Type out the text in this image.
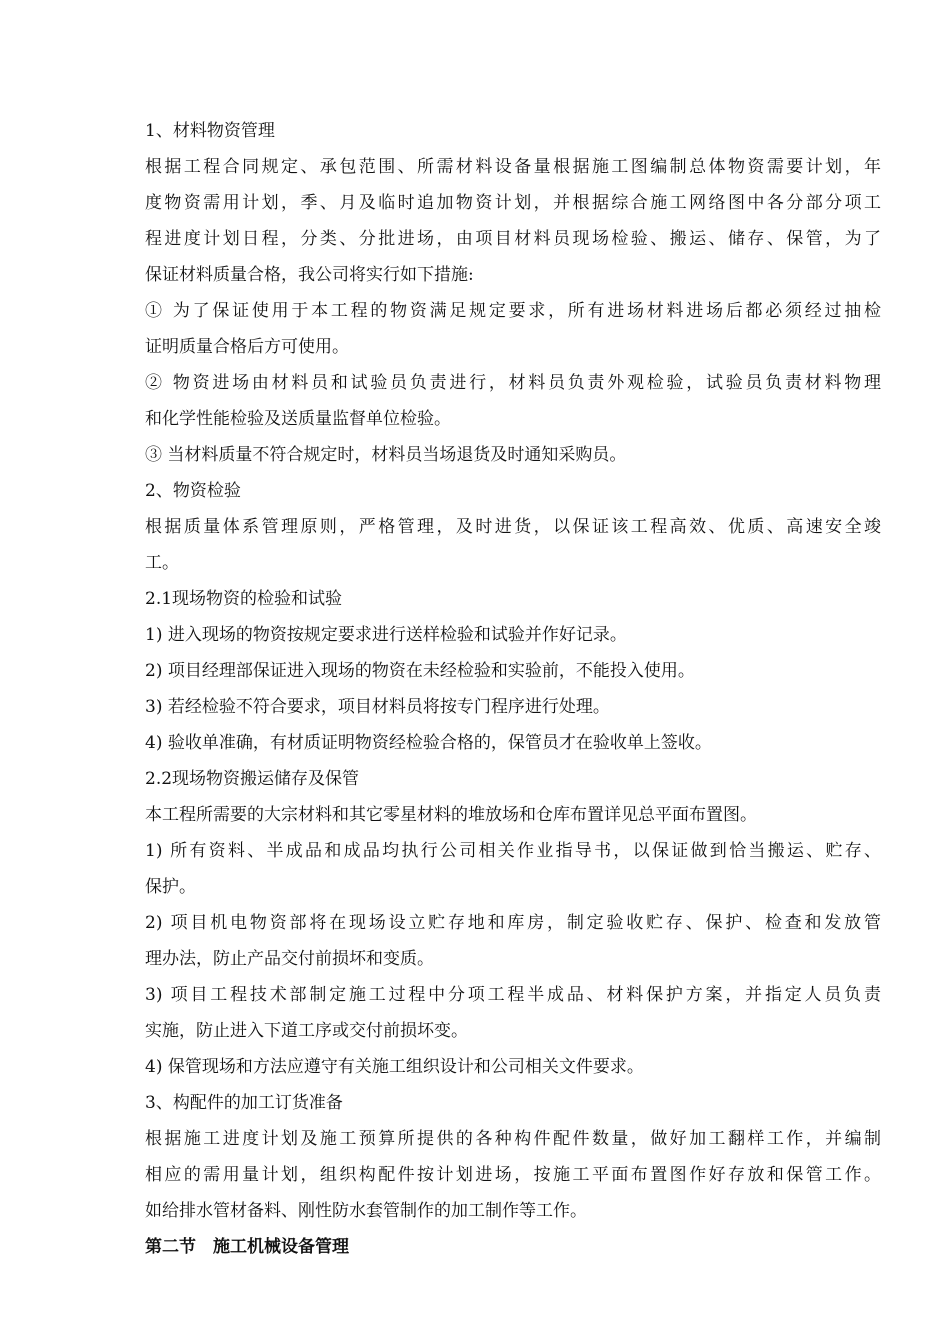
1、材料物资管理
根据工程合同规定、承包范围、所需材料设备量根据施工图编制总体物资需要计划，年
度物资需用计划，季、月及临时追加物资计划，并根据综合施工网络图中各分部分项工
程进度计划日程，分类、分批进场，由项目材料员现场检验、搬运、储存、保管，为了
保证材料质量合格，我公司将实行如下措施:
① 为了保证使用于本工程的物资满足规定要求，所有进场材料进场后都必须经过抽检
证明质量合格后方可使用。
② 物资进场由材料员和试验员负责进行，材料员负责外观检验，试验员负责材料物理
和化学性能检验及送质量监督单位检验。
③ 当材料质量不符合规定时，材料员当场退货及时通知采购员。
2、物资检验
根据质量体系管理原则，严格管理，及时进货，以保证该工程高效、优质、高速安全竣
工。
2.1现场物资的检验和试验
1) 进入现场的物资按规定要求进行送样检验和试验并作好记录。
2) 项目经理部保证进入现场的物资在未经检验和实验前，不能投入使用。
3) 若经检验不符合要求，项目材料员将按专门程序进行处理。
4) 验收单准确，有材质证明物资经检验合格的，保管员才在验收单上签收。
2.2现场物资搬运储存及保管
本工程所需要的大宗材料和其它零星材料的堆放场和仓库布置详见总平面布置图。
1) 所有资料、半成品和成品均执行公司相关作业指导书，以保证做到恰当搬运、贮存、
保护。
2) 项目机电物资部将在现场设立贮存地和库房，制定验收贮存、保护、检查和发放管
理办法，防止产品交付前损坏和变质。
3) 项目工程技术部制定施工过程中分项工程半成品、材料保护方案，并指定人员负责
实施，防止进入下道工序或交付前损坏变。
4) 保管现场和方法应遵守有关施工组织设计和公司相关文件要求。
3、构配件的加工订货准备
根据施工进度计划及施工预算所提供的各种构件配件数量，做好加工翻样工作，并编制
相应的需用量计划，组织构配件按计划进场，按施工平面布置图作好存放和保管工作。
如给排水管材备料、刚性防水套管制作的加工制作等工作。
第二节　施工机械设备管理
